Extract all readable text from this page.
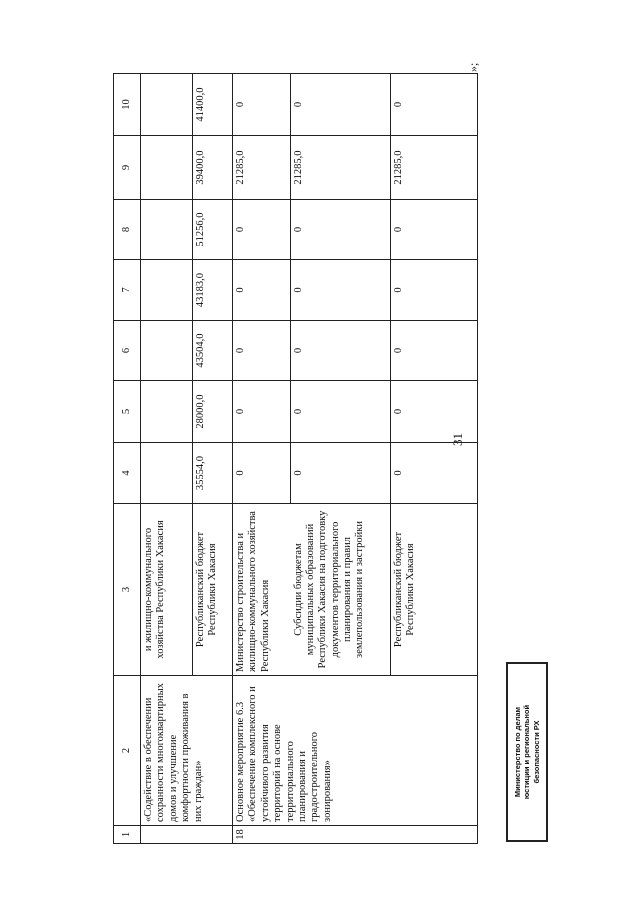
31
»;
1	2	3	4	5	6	7	8	9	10
	«Содействие в обеспечении сохранности многоквартирных домов и улучшение комфортности проживания в них граждан»	и жилищно-коммунального хозяйства Республики Хакасия							
		Республиканский бюджет Республики Хакасия	35554,0	28000,0	43504,0	43183,0	51256,0	39400,0	41400,0
18	Основное мероприятие 6.3 «Обеспечение комплексного и устойчивого развития территорий на основе территориального планирования и градостроительного зонирования»	Министерство строительства и жилищно-коммунального хозяйства Республики Хакасия	0	0	0	0	0	21285,0	0
		Субсидии бюджетам муниципальных образований Республики Хакасия на подготовку документов территориального планирования и правил землепользования и застройки	0	0	0	0	0	21285,0	0
		Республиканский бюджет Республики Хакасия	0	0	0	0	0	21285,0	0
Министерство по делам юстиции и региональной безопасности РХ
